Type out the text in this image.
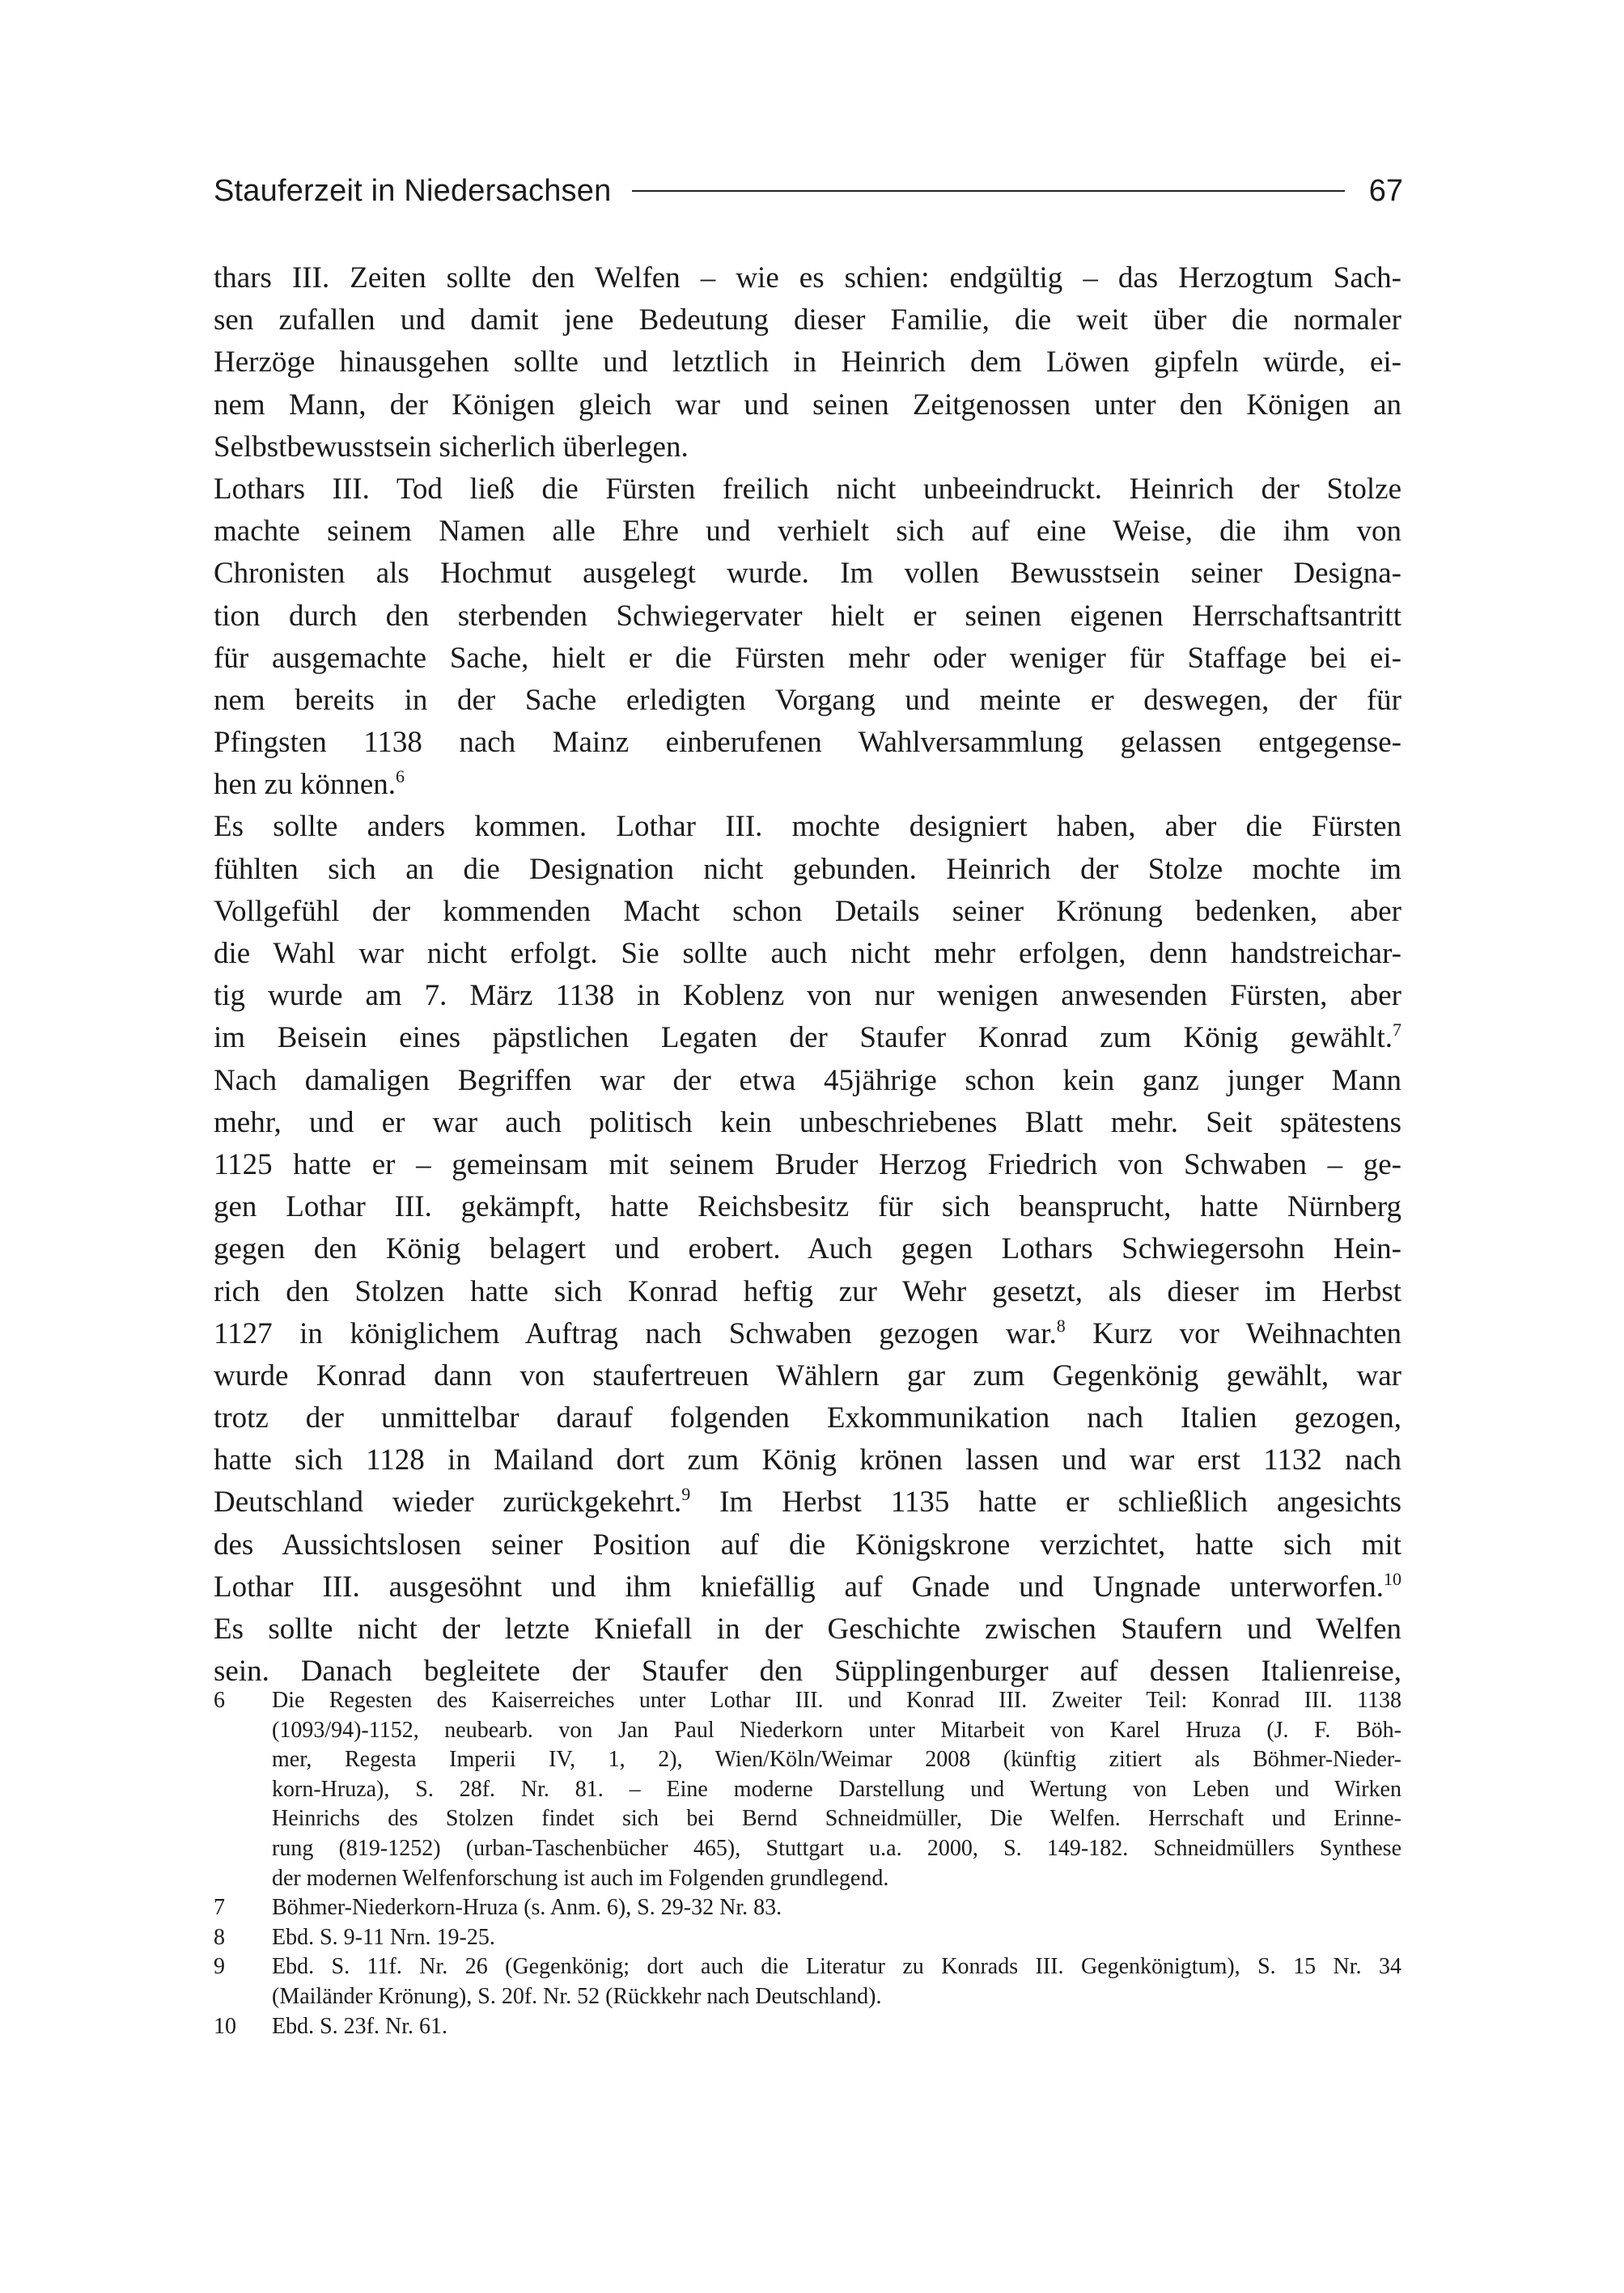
Stauferzeit in Niedersachsen	67
thars III. Zeiten sollte den Welfen – wie es schien: endgültig – das Herzogtum Sach-
sen zufallen und damit jene Bedeutung dieser Familie, die weit über die normaler
Herzöge hinausgehen sollte und letztlich in Heinrich dem Löwen gipfeln würde, ei-
nem Mann, der Königen gleich war und seinen Zeitgenossen unter den Königen an
Selbstbewusstsein sicherlich überlegen.
Lothars III. Tod ließ die Fürsten freilich nicht unbeeindruckt. Heinrich der Stolze
machte seinem Namen alle Ehre und verhielt sich auf eine Weise, die ihm von
Chronisten als Hochmut ausgelegt wurde. Im vollen Bewusstsein seiner Designa-
tion durch den sterbenden Schwiegervater hielt er seinen eigenen Herrschaftsantritt
für ausgemachte Sache, hielt er die Fürsten mehr oder weniger für Staffage bei ei-
nem bereits in der Sache erledigten Vorgang und meinte er deswegen, der für
Pfingsten 1138 nach Mainz einberufenen Wahlversammlung gelassen entgegense-
hen zu können.$^6$
Es sollte anders kommen. Lothar III. mochte designiert haben, aber die Fürsten
fühlten sich an die Designation nicht gebunden. Heinrich der Stolze mochte im
Vollgefühl der kommenden Macht schon Details seiner Krönung bedenken, aber
die Wahl war nicht erfolgt. Sie sollte auch nicht mehr erfolgen, denn handstreichar-
tig wurde am 7. März 1138 in Koblenz von nur wenigen anwesenden Fürsten, aber
im Beisein eines päpstlichen Legaten der Staufer Konrad zum König gewählt.$^7$
Nach damaligen Begriffen war der etwa 45jährige schon kein ganz junger Mann
mehr, und er war auch politisch kein unbeschriebenes Blatt mehr. Seit spätestens
1125 hatte er – gemeinsam mit seinem Bruder Herzog Friedrich von Schwaben – ge-
gen Lothar III. gekämpft, hatte Reichsbesitz für sich beansprucht, hatte Nürnberg
gegen den König belagert und erobert. Auch gegen Lothars Schwiegersohn Hein-
rich den Stolzen hatte sich Konrad heftig zur Wehr gesetzt, als dieser im Herbst
1127 in königlichem Auftrag nach Schwaben gezogen war.$^8$ Kurz vor Weihnachten
wurde Konrad dann von staufertreuen Wählern gar zum Gegenkönig gewählt, war
trotz der unmittelbar darauf folgenden Exkommunikation nach Italien gezogen,
hatte sich 1128 in Mailand dort zum König krönen lassen und war erst 1132 nach
Deutschland wieder zurückgekehrt.$^9$ Im Herbst 1135 hatte er schließlich angesichts
des Aussichtslosen seiner Position auf die Königskrone verzichtet, hatte sich mit
Lothar III. ausgesöhnt und ihm kniefällig auf Gnade und Ungnade unterworfen.$^{10}$
Es sollte nicht der letzte Kniefall in der Geschichte zwischen Staufern und Welfen
sein. Danach begleitete der Staufer den Süpplingenburger auf dessen Italienreise,
6	Die Regesten des Kaiserreiches unter Lothar III. und Konrad III. Zweiter Teil: Konrad III. 1138
(1093/94)-1152, neubearb. von Jan Paul Niederkorn unter Mitarbeit von Karel Hruza (J. F. Böh-
mer, Regesta Imperii IV, 1, 2), Wien/Köln/Weimar 2008 (künftig zitiert als Böhmer-Nieder-
korn-Hruza), S. 28f. Nr. 81. – Eine moderne Darstellung und Wertung von Leben und Wirken
Heinrichs des Stolzen findet sich bei Bernd Schneidmüller, Die Welfen. Herrschaft und Erinne-
rung (819-1252) (urban-Taschenbücher 465), Stuttgart u.a. 2000, S. 149-182. Schneidmüllers Synthese
der modernen Welfenforschung ist auch im Folgenden grundlegend.
7	Böhmer-Niederkorn-Hruza (s. Anm. 6), S. 29-32 Nr. 83.
8	Ebd. S. 9-11 Nrn. 19-25.
9	Ebd. S. 11f. Nr. 26 (Gegenkönig; dort auch die Literatur zu Konrads III. Gegenkönigtum), S. 15 Nr. 34
(Mailänder Krönung), S. 20f. Nr. 52 (Rückkehr nach Deutschland).
10	Ebd. S. 23f. Nr. 61.
